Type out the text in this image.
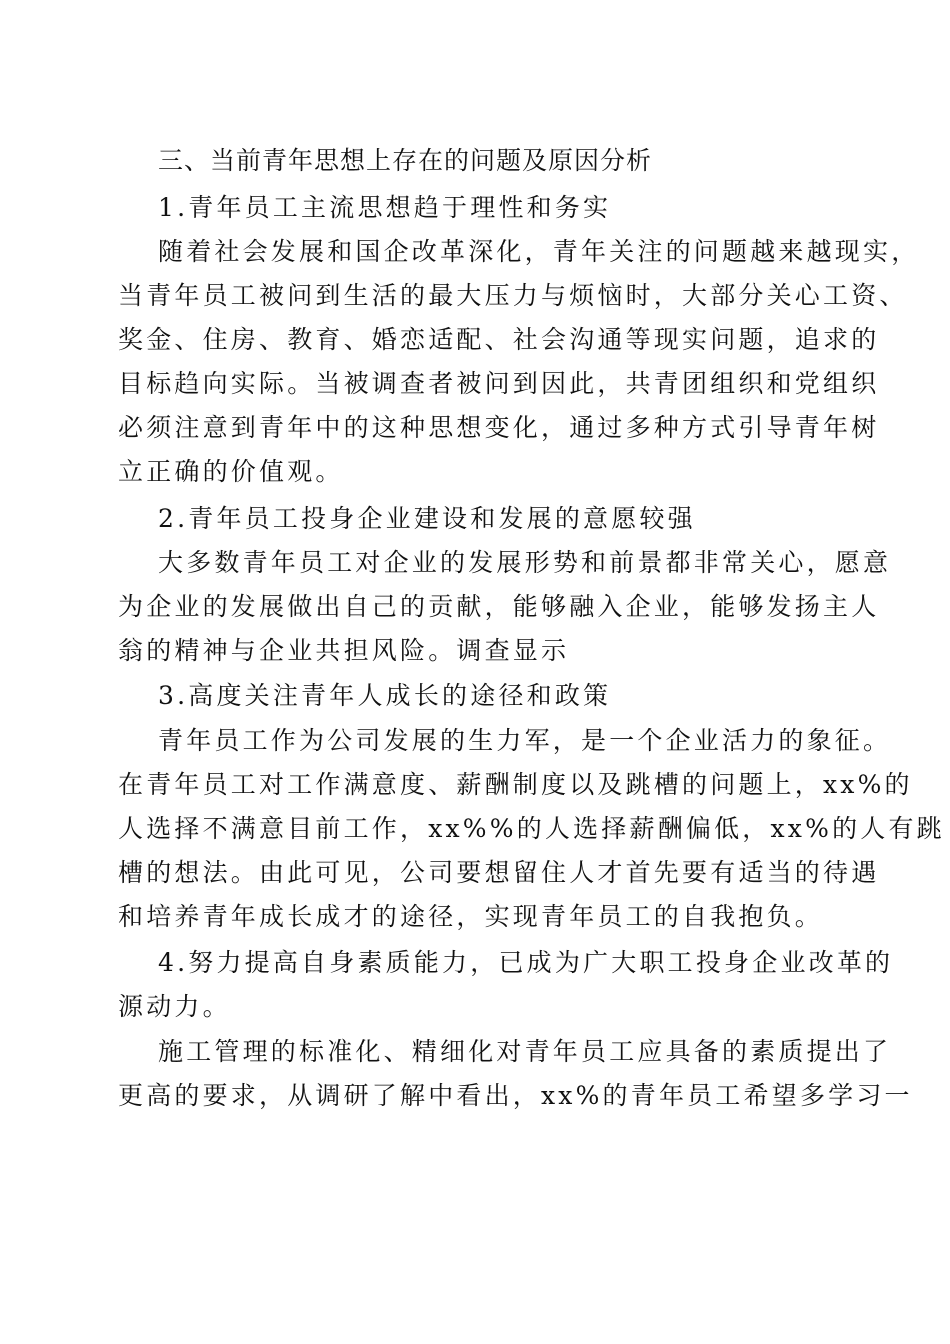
三、当前青年思想上存在的问题及原因分析
1.青年员工主流思想趋于理性和务实
随着社会发展和国企改革深化，青年关注的问题越来越现实，
当青年员工被问到生活的最大压力与烦恼时，大部分关心工资、
奖金、住房、教育、婚恋适配、社会沟通等现实问题，追求的
目标趋向实际。当被调查者被问到因此，共青团组织和党组织
必须注意到青年中的这种思想变化，通过多种方式引导青年树
立正确的价值观。
2.青年员工投身企业建设和发展的意愿较强
大多数青年员工对企业的发展形势和前景都非常关心，愿意
为企业的发展做出自己的贡献，能够融入企业，能够发扬主人
翁的精神与企业共担风险。调查显示
3.高度关注青年人成长的途径和政策
青年员工作为公司发展的生力军，是一个企业活力的象征。
在青年员工对工作满意度、薪酬制度以及跳槽的问题上，xx%的
人选择不满意目前工作，xx%%的人选择薪酬偏低，xx%的人有跳
槽的想法。由此可见，公司要想留住人才首先要有适当的待遇
和培养青年成长成才的途径，实现青年员工的自我抱负。
4.努力提高自身素质能力，已成为广大职工投身企业改革的
源动力。
施工管理的标准化、精细化对青年员工应具备的素质提出了
更高的要求，从调研了解中看出，xx%的青年员工希望多学习一
